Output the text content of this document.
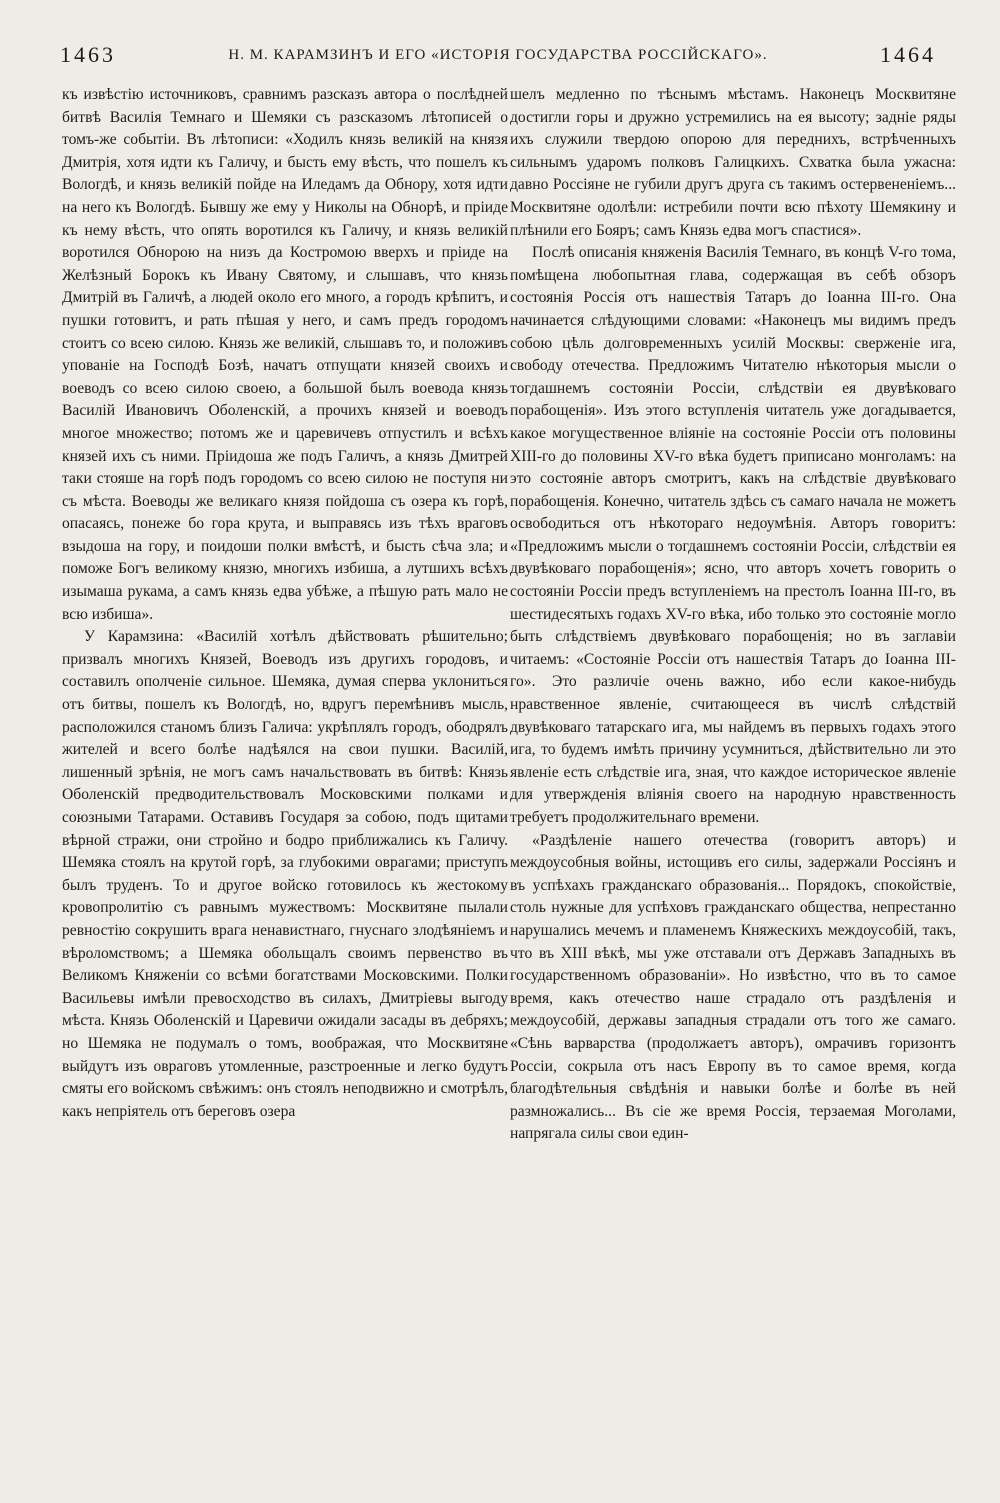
1463	Н. М. КАРАМЗИНЪ И ЕГО «ИСТОРІЯ ГОСУДАРСТВА РОССІЙСКАГО».	1464

къ извѣстію источниковъ, сравнимъ разсказъ автора о послѣдней битвѣ Василія Темнаго и Шемяки съ разсказомъ лѣтописей о томъ-же событіи. Въ лѣтописи: «Ходилъ князь великій на князя Дмитрія, хотя идти къ Галичу, и бысть ему вѣсть, что пошелъ къ Вологдѣ, и князь великій пойде на Иледамъ да Обнору, хотя идти на него къ Вологдѣ. Бывшу же ему у Николы на Обнорѣ, и пріиде къ нему вѣсть, что опять воротился къ Галичу, и князь великій воротился Обнорою на низъ да Костромою вверхъ и пріиде на Желѣзный Борокъ къ Ивану Святому, и слышавъ, что князь Дмитрій въ Галичѣ, а людей около его много, а городъ крѣпитъ, и пушки готовитъ, и рать пѣшая у него, и самъ предъ городомъ стоитъ со всею силою. Князь же великій, слышавъ то, и положивъ упованіе на Господѣ Бозѣ, начатъ отпущати князей своихъ и воеводъ со всею силою своею, а большой былъ воевода князь Василій Ивановичъ Оболенскій, а прочихъ князей и воеводъ многое множество; потомъ же и царевичевъ отпустилъ и всѣхъ князей ихъ съ ними. Пріидоша же подъ Галичъ, а князь Дмитрей таки стояше на горѣ подъ городомъ со всею силою не поступя ни съ мѣста. Воеводы же великаго князя пойдоша съ озера къ горѣ, опасаясь, понеже бо гора крута, и выправясь изъ тѣхъ враговъ взыдоша на гору, и поидоши полки вмѣстѣ, и бысть сѣча зла; и поможе Богъ великому князю, многихъ избиша, а лутшихъ всѣхъ изымаша рукама, а самъ князь едва убѣже, а пѣшую рать мало не всю избиша».

У Карамзина: «Василій хотѣлъ дѣйствовать рѣшительно; призвалъ многихъ Князей, Воеводъ изъ другихъ городовъ, и составилъ ополченіе сильное. Шемяка, думая сперва уклониться отъ битвы, пошелъ къ Вологдѣ, но, вдругъ перемѣнивъ мысль, расположился станомъ близъ Галича: укрѣплялъ городъ, ободрялъ жителей и всего болѣе надѣялся на свои пушки. Василій, лишенный зрѣнія, не могъ самъ начальствовать въ битвѣ: Князь Оболенскій предводительствовалъ Московскими полками и союзными Татарами. Оставивъ Государя за собою, подъ щитами вѣрной стражи, они стройно и бодро приближались къ Галичу. Шемяка стоялъ на крутой горѣ, за глубокими оврагами; приступъ былъ труденъ. То и другое войско готовилось къ жестокому кровопролитію съ равнымъ мужествомъ: Москвитяне пылали ревностію сокрушить врага ненавистнаго, гнуснаго злодѣяніемъ и вѣроломствомъ; а Шемяка обольщалъ своимъ первенство въ Великомъ Княженіи со всѣми богатствами Московскими. Полки Васильевы имѣли превосходство въ силахъ, Дмитріевы выгоду мѣста. Князь Оболенскій и Царевичи ожидали засады въ дебряхъ; но Шемяка не подумалъ о томъ, воображая, что Москвитяне выйдутъ изъ овраговъ утомленные, разстроенные и легко будутъ смяты его войскомъ свѣжимъ: онъ стоялъ неподвижно и смотрѣлъ, какъ непріятель отъ береговъ озера

шелъ медленно по тѣснымъ мѣстамъ. Наконецъ Москвитяне достигли горы и дружно устремились на ея высоту; задніе ряды ихъ служили твердою опорою для переднихъ, встрѣченныхъ сильнымъ ударомъ полковъ Галицкихъ. Схватка была ужасна: давно Россіяне не губили другъ друга съ такимъ остервененіемъ... Москвитяне одолѣли: истребили почти всю пѣхоту Шемякину и плѣнили его Бояръ; самъ Князь едва могъ спастися».

Послѣ описанія княженія Василія Темнаго, въ концѣ V-го тома, помѣщена любопытная глава, содержащая въ себѣ обзоръ состоянія Россія отъ нашествія Татаръ до Іоанна III-го. Она начинается слѣдующими словами: «Наконецъ мы видимъ предъ собою цѣль долговременныхъ усилій Москвы: сверженіе ига, свободу отечества. Предложимъ Читателю нѣкоторыя мысли о тогдашнемъ состояніи Россіи, слѣдствіи ея двувѣковаго порабощенія». Изъ этого вступленія читатель уже догадывается, какое могущественное вліяніе на состояніе Россіи отъ половины XIII-го до половины XV-го вѣка будетъ приписано монголамъ: на это состояніе авторъ смотритъ, какъ на слѣдствіе двувѣковаго порабощенія. Конечно, читатель здѣсь съ самаго начала не можетъ освободиться отъ нѣкотораго недоумѣнія. Авторъ говоритъ: «Предложимъ мысли о тогдашнемъ состояніи Россіи, слѣдствіи ея двувѣковаго порабощенія»; ясно, что авторъ хочетъ говорить о состояніи Россіи предъ вступленіемъ на престолъ Іоанна III-го, въ шестидесятыхъ годахъ XV-го вѣка, ибо только это состояніе могло быть слѣдствіемъ двувѣковаго порабощенія; но въ заглавіи читаемъ: «Состояніе Россіи отъ нашествія Татаръ до Іоанна III-го». Это различіе очень важно, ибо если какое-нибудь нравственное явленіе, считающееся въ числѣ слѣдствій двувѣковаго татарскаго ига, мы найдемъ въ первыхъ годахъ этого ига, то будемъ имѣть причину усумниться, дѣйствительно ли это явленіе есть слѣдствіе ига, зная, что каждое историческое явленіе для утвержденія вліянія своего на народную нравственность требуетъ продолжительнаго времени.

«Раздѣленіе нашего отечества (говоритъ авторъ) и междоусобныя войны, истощивъ его силы, задержали Россіянъ и въ успѣхахъ гражданскаго образованія... Порядокъ, спокойствіе, столь нужные для успѣховъ гражданскаго общества, непрестанно нарушались мечемъ и пламенемъ Княжескихъ междоусобій, такъ, что въ XIII вѣкѣ, мы уже отставали отъ Державъ Западныхъ въ государственномъ образованіи». Но извѣстно, что въ то самое время, какъ отечество наше страдало отъ раздѣленія и междоусобій, державы западныя страдали отъ того же самаго. «Сѣнь варварства (продолжаетъ авторъ), омрачивъ горизонтъ Россіи, сокрыла отъ насъ Европу въ то самое время, когда благодѣтельныя свѣдѣнія и навыки болѣе и болѣе въ ней размножались... Въ сіе же время Россія, терзаемая Моголами, напрягала силы свои един-
